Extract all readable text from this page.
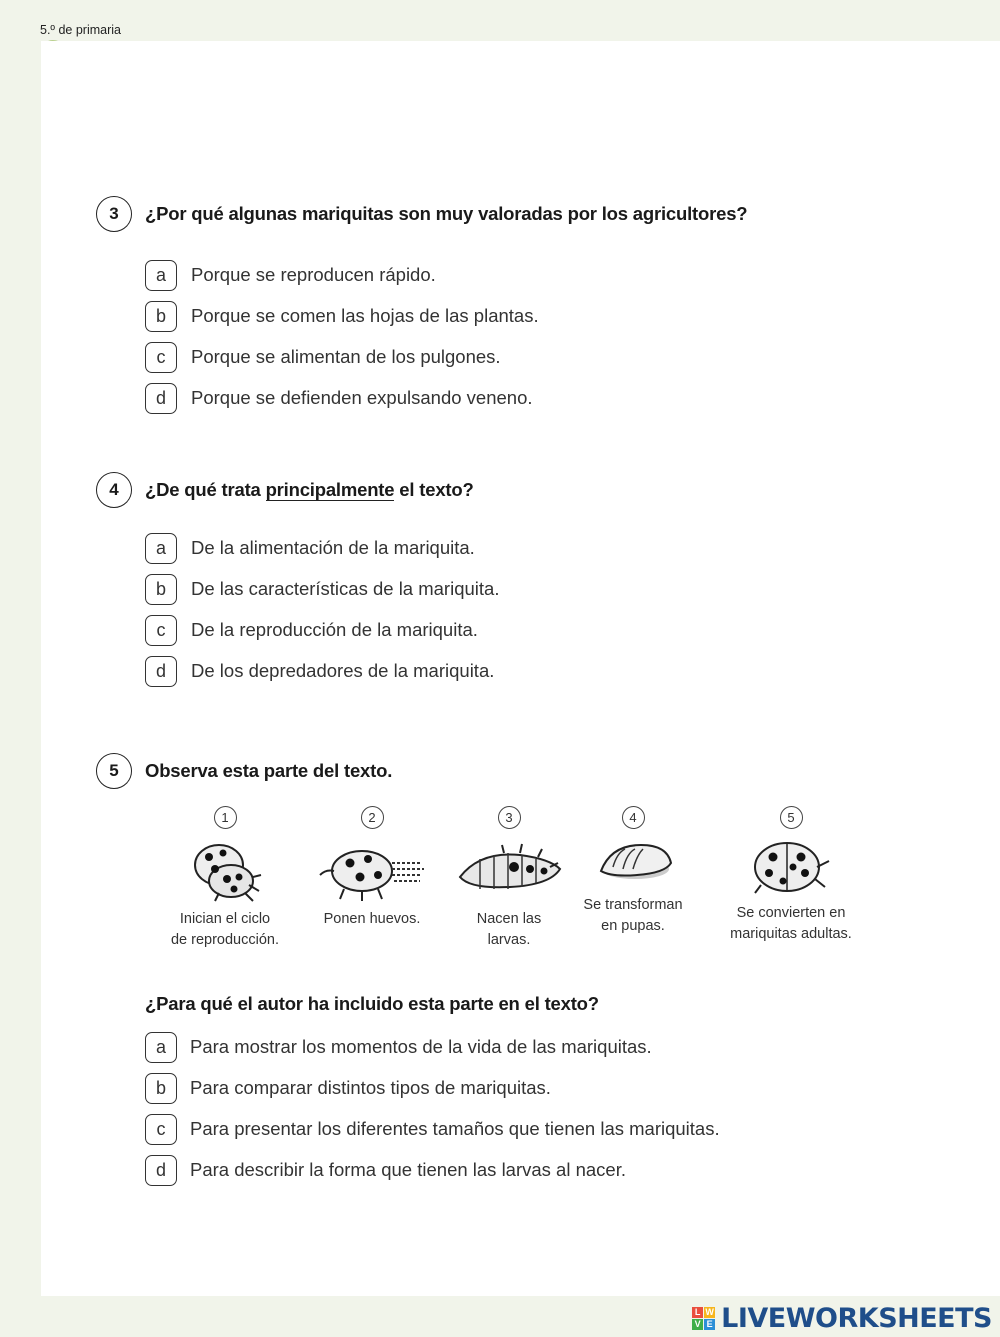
5.º de primaria
3	¿Por qué algunas mariquitas son muy valoradas por los agricultores?
a	Porque se reproducen rápido.
b	Porque se comen las hojas de las plantas.
c	Porque se alimentan de los pulgones.
d	Porque se defienden expulsando veneno.
4	¿De qué trata principalmente el texto?
a	De la alimentación de la mariquita.
b	De las características de la mariquita.
c	De la reproducción de la mariquita.
d	De los depredadores de la mariquita.
5	Observa esta parte del texto.
1
Inician el ciclo
de reproducción.
2
Ponen huevos.

3
Nacen las
larvas.
4
Se transforman
en pupas.
5
Se convierten en
mariquitas adultas.
¿Para qué el autor ha incluido esta parte en el texto?
a	Para mostrar los momentos de la vida de las mariquitas.
b	Para comparar distintos tipos de mariquitas.
c	Para presentar los diferentes tamaños que tienen las mariquitas.
d	Para describir la forma que tienen las larvas al nacer.
L W
V E LIVEWORKSHEETS
